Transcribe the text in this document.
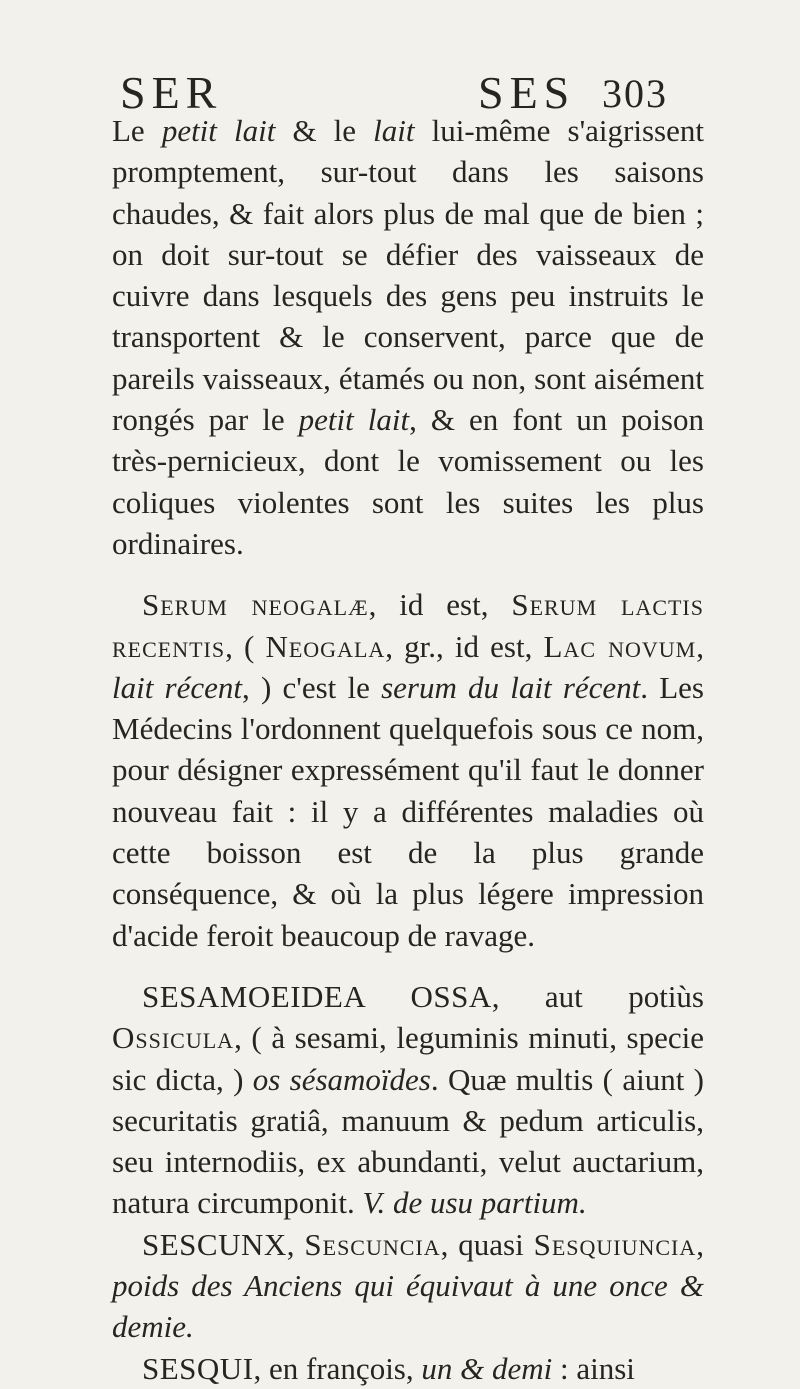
SER	SES 303

Le petit lait & le lait lui-même s'aigrissent promptement, sur-tout dans les saisons chaudes, & fait alors plus de mal que de bien ; on doit sur-tout se défier des vaisseaux de cuivre dans lesquels des gens peu instruits le transportent & le conservent, parce que de pareils vaisseaux, étamés ou non, sont aisément rongés par le petit lait, & en font un poison très-pernicieux, dont le vomissement ou les coliques violentes sont les suites les plus ordinaires.

Serum neogalæ, id est, Serum lactis recentis, ( Neogala, gr., id est, Lac novum, lait récent, ) c'est le serum du lait récent. Les Médecins l'ordonnent quelquefois sous ce nom, pour désigner expressément qu'il faut le donner nouveau fait : il y a différentes maladies où cette boisson est de la plus grande conséquence, & où la plus légere impression d'acide feroit beaucoup de ravage.

SESAMOEIDEA OSSA, aut potiùs Ossicula, ( à sesami, leguminis minuti, specie sic dicta, ) os sésamoïdes. Quæ multis ( aiunt ) securitatis gratiâ, manuum & pedum articulis, seu internodiis, ex abundanti, velut auctarium, natura circumponit. V. de usu partium.

SESCUNX, Sescuncia, quasi Sesquiuncia, poids des Anciens qui équivaut à une once & demie.

SESQUI, en françois, un & demi : ainsi
